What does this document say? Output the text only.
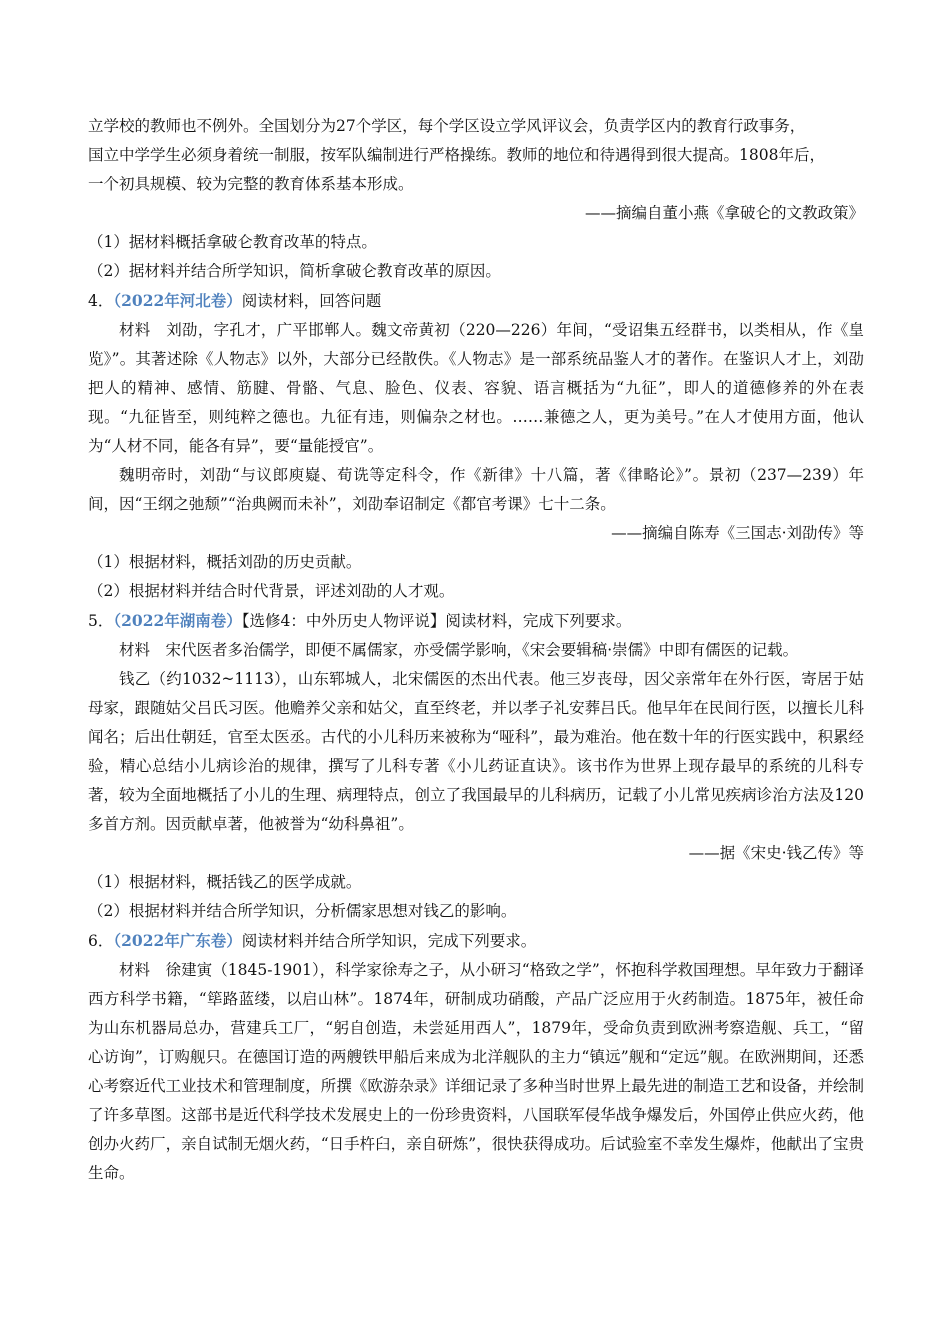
立学校的教师也不例外。全国划分为27个学区，每个学区设立学风评议会，负责学区内的教育行政事务，

国立中学学生必须身着统一制服，按军队编制进行严格操练。教师的地位和待遇得到很大提高。1808年后，

一个初具规模、较为完整的教育体系基本形成。

——摘编自董小燕《拿破仑的文教政策》

（1）据材料概括拿破仑教育改革的特点。

（2）据材料并结合所学知识，简析拿破仑教育改革的原因。

4．（2022年河北卷）阅读材料，回答问题

材料　刘劭，字孔才，广平邯郸人。魏文帝黄初（220—226）年间，“受诏集五经群书，以类相从，作《皇览》”。其著述除《人物志》以外，大部分已经散佚。《人物志》是一部系统品鉴人才的著作。在鉴识人才上，刘劭把人的精神、感情、筋腱、骨骼、气息、脸色、仪表、容貌、语言概括为“九征”，即人的道德修养的外在表现。“九征皆至，则纯粹之德也。九征有违，则偏杂之材也。……兼德之人，更为美号。”在人才使用方面，他认为“人材不同，能各有异”，要“量能授官”。

魏明帝时，刘劭“与议郎庾嶷、荀诜等定科令，作《新律》十八篇，著《律略论》”。景初（237—239）年间，因“王纲之弛颓”“治典阙而未补”，刘劭奉诏制定《都官考课》七十二条。

——摘编自陈寿《三国志·刘劭传》等

（1）根据材料，概括刘劭的历史贡献。

（2）根据材料并结合时代背景，评述刘劭的人才观。

5．（2022年湖南卷）【选修4：中外历史人物评说】阅读材料，完成下列要求。

材料　宋代医者多治儒学，即便不属儒家，亦受儒学影响，《宋会要辑稿·崇儒》中即有儒医的记载。

钱乙（约1032~1113），山东郓城人，北宋儒医的杰出代表。他三岁丧母，因父亲常年在外行医，寄居于姑母家，跟随姑父吕氏习医。他赡养父亲和姑父，直至终老，并以孝子礼安葬吕氏。他早年在民间行医，以擅长儿科闻名；后出仕朝廷，官至太医丞。古代的小儿科历来被称为“哑科”，最为难治。他在数十年的行医实践中，积累经验，精心总结小儿病诊治的规律，撰写了儿科专著《小儿药证直诀》。该书作为世界上现存最早的系统的儿科专著，较为全面地概括了小儿的生理、病理特点，创立了我国最早的儿科病历，记载了小儿常见疾病诊治方法及120多首方剂。因贡献卓著，他被誉为“幼科鼻祖”。

——据《宋史·钱乙传》等

（1）根据材料，概括钱乙的医学成就。

（2）根据材料并结合所学知识，分析儒家思想对钱乙的影响。

6．（2022年广东卷）阅读材料并结合所学知识，完成下列要求。

材料　徐建寅（1845-1901），科学家徐寿之子，从小研习“格致之学”，怀抱科学救国理想。早年致力于翻译西方科学书籍，“筚路蓝缕，以启山林”。1874年，研制成功硝酸，产品广泛应用于火药制造。1875年，被任命为山东机器局总办，营建兵工厂，“躬自创造，未尝延用西人”，1879年，受命负责到欧洲考察造舰、兵工，“留心访询”，订购舰只。在德国订造的两艘铁甲船后来成为北洋舰队的主力“镇远”舰和“定远”舰。在欧洲期间，还悉心考察近代工业技术和管理制度，所撰《欧游杂录》详细记录了多种当时世界上最先进的制造工艺和设备，并绘制了许多草图。这部书是近代科学技术发展史上的一份珍贵资料，八国联军侵华战争爆发后，外国停止供应火药，他创办火药厂，亲自试制无烟火药，“日手杵臼，亲自研炼”，很快获得成功。后试验室不幸发生爆炸，他献出了宝贵生命。
